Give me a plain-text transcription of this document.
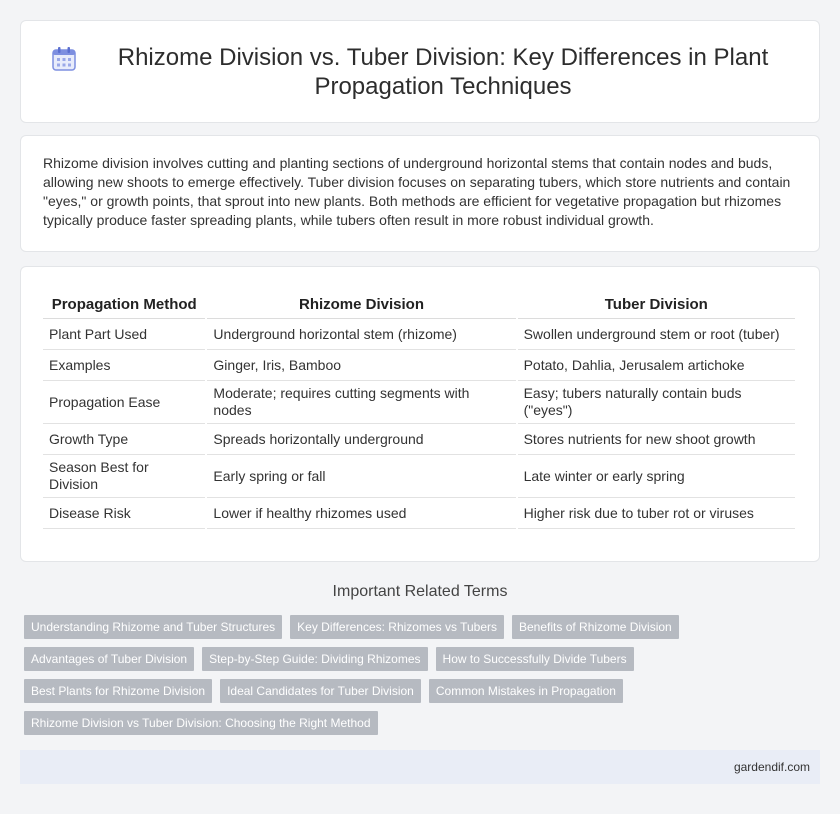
Rhizome Division vs. Tuber Division: Key Differences in Plant Propagation Techniques

Rhizome division involves cutting and planting sections of underground horizontal stems that contain nodes and buds, allowing new shoots to emerge effectively. Tuber division focuses on separating tubers, which store nutrients and contain "eyes," or growth points, that sprout into new plants. Both methods are efficient for vegetative propagation but rhizomes typically produce faster spreading plants, while tubers often result in more robust individual growth.

Propagation Method	Rhizome Division	Tuber Division
Plant Part Used	Underground horizontal stem (rhizome)	Swollen underground stem or root (tuber)
Examples	Ginger, Iris, Bamboo	Potato, Dahlia, Jerusalem artichoke
Propagation Ease	Moderate; requires cutting segments with nodes	Easy; tubers naturally contain buds ("eyes")
Growth Type	Spreads horizontally underground	Stores nutrients for new shoot growth
Season Best for Division	Early spring or fall	Late winter or early spring
Disease Risk	Lower if healthy rhizomes used	Higher risk due to tuber rot or viruses
Important Related Terms
Understanding Rhizome and Tuber Structures	Key Differences: Rhizomes vs Tubers	Benefits of Rhizome Division
Advantages of Tuber Division	Step-by-Step Guide: Dividing Rhizomes	How to Successfully Divide Tubers
Best Plants for Rhizome Division	Ideal Candidates for Tuber Division	Common Mistakes in Propagation
Rhizome Division vs Tuber Division: Choosing the Right Method
gardendif.com
